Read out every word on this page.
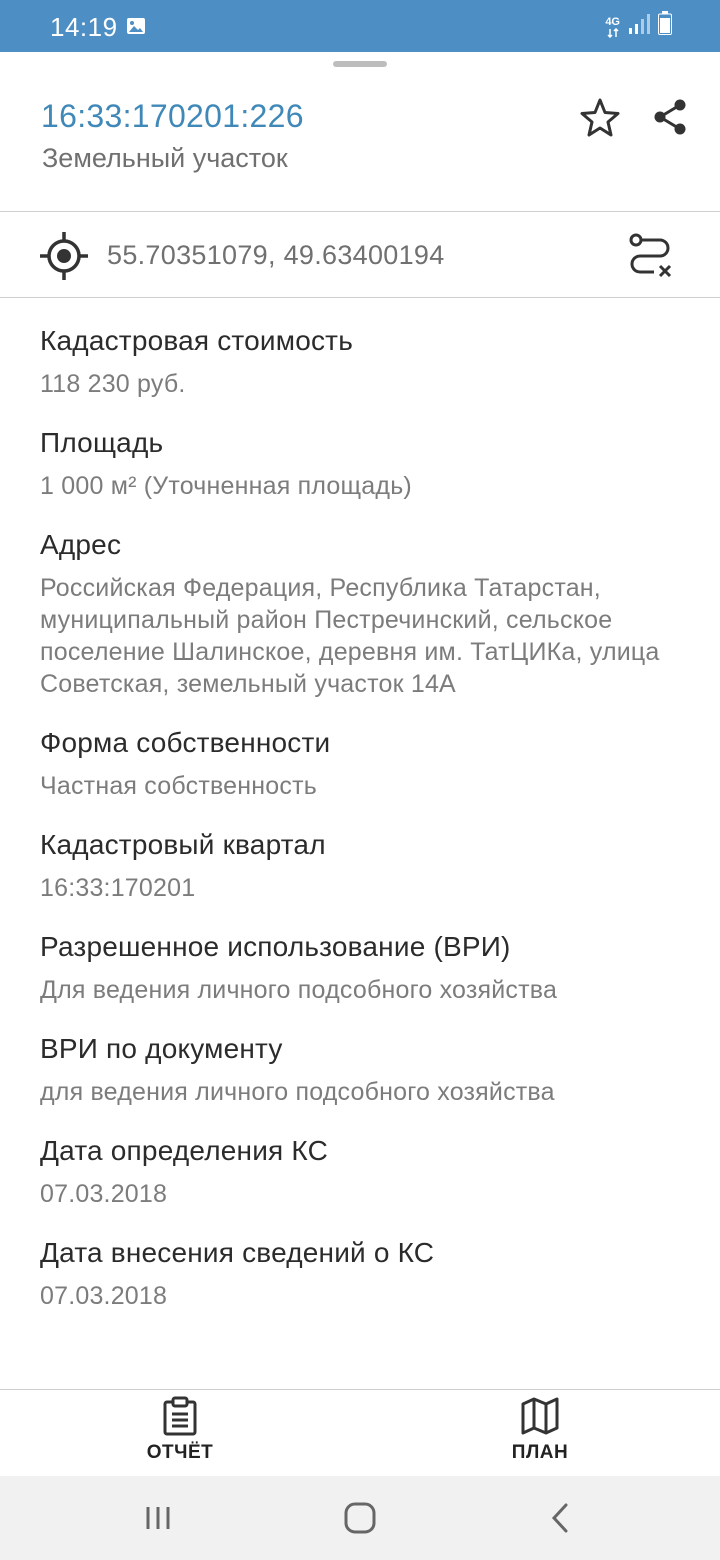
14:19	4G
16:33:170201:226
Земельный участок
55.70351079, 49.63400194
Кадастровая стоимость
118 230 руб.
Площадь
1 000 м² (Уточненная площадь)
Адрес
Российская Федерация, Республика Татарстан, муниципальный район Пестречинский, сельское поселение Шалинское, деревня им. ТатЦИКа, улица Советская, земельный участок 14А
Форма собственности
Частная собственность
Кадастровый квартал
16:33:170201
Разрешенное использование (ВРИ)
Для ведения личного подсобного хозяйства
ВРИ по документу
для ведения личного подсобного хозяйства
Дата определения КС
07.03.2018
Дата внесения сведений о КС
07.03.2018
ОТЧЁТ	ПЛАН
